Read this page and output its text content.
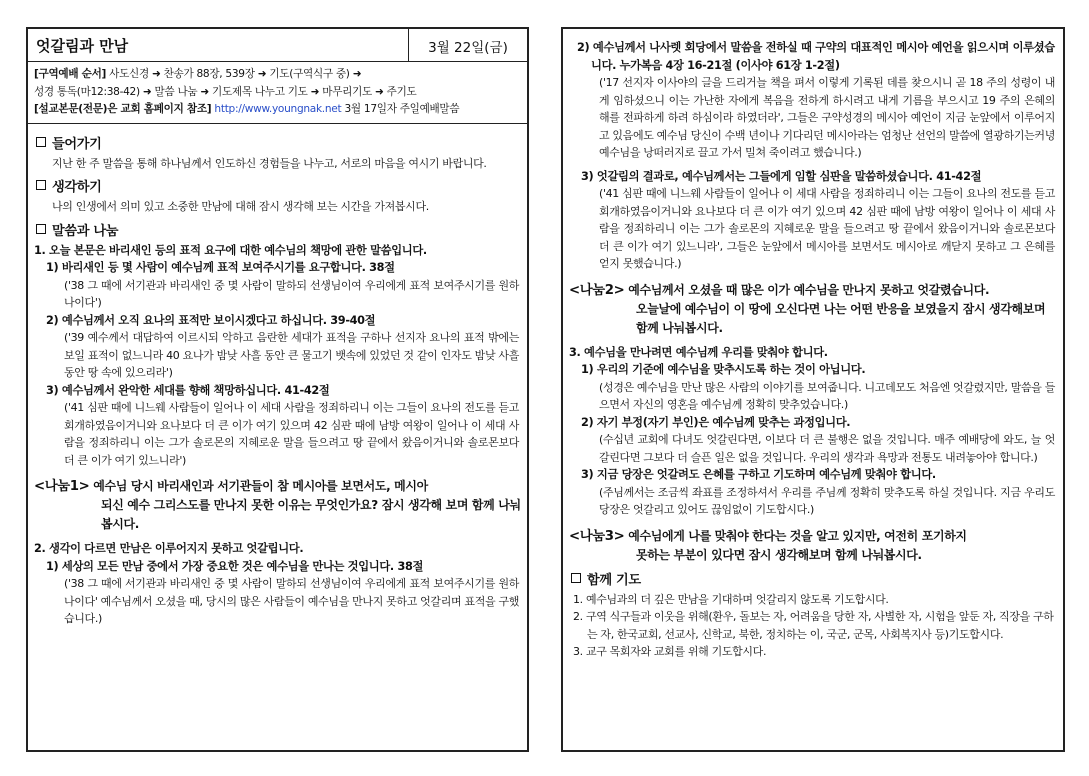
엇갈림과 만남	3월 22일(금)
[구역예배 순서] 사도신경 ➜ 찬송가 88장, 539장 ➜ 기도(구역식구 중) ➜
성경 통독(마12:38-42) ➜ 말씀 나눔 ➜ 기도제목 나누고 기도 ➜ 마무리기도 ➜ 주기도
[설교본문(전문)은 교회 홈페이지 참조] http://www.youngnak.net 3월 17일자 주일예배말씀
들어가기
지난 한 주 말씀을 통해 하나님께서 인도하신 경험들을 나누고, 서로의 마음을 여시기 바랍니다.
생각하기
나의 인생에서 의미 있고 소중한 만남에 대해 잠시 생각해 보는 시간을 가져봅시다.
말씀과 나눔
1. 오늘 본문은 바리새인 등의 표적 요구에 대한 예수님의 책망에 관한 말씀입니다.
1) 바리새인 등 몇 사람이 예수님께 표적 보여주시기를 요구합니다. 38절
('38 그 때에 서기관과 바리새인 중 몇 사람이 말하되 선생님이여 우리에게 표적 보여주시기를 원하나이다')
2) 예수님께서 오직 요나의 표적만 보이시겠다고 하십니다. 39-40절
('39 예수께서 대답하여 이르시되 악하고 음란한 세대가 표적을 구하나 선지자 요나의 표적 밖에는 보일 표적이 없느니라 40 요나가 밤낮 사흘 동안 큰 물고기 뱃속에 있었던 것 같이 인자도 밤낮 사흘 동안 땅 속에 있으리라')
3) 예수님께서 완악한 세대를 향해 책망하십니다. 41-42절
('41 심판 때에 니느웨 사람들이 일어나 이 세대 사람을 정죄하리니 이는 그들이 요나의 전도를 듣고 회개하였음이거니와 요나보다 더 큰 이가 여기 있으며 42 심판 때에 남방 여왕이 일어나 이 세대 사람을 정죄하리니 이는 그가 솔로몬의 지혜로운 말을 들으려고 땅 끝에서 왔음이거니와 솔로몬보다 더 큰 이가 여기 있느니라')
<나눔1> 예수님 당시 바리새인과 서기관들이 참 메시아를 보면서도, 메시아
되신 예수 그리스도를 만나지 못한 이유는 무엇인가요? 잠시 생각해 보며 함께 나눠봅시다.
2. 생각이 다르면 만남은 이루어지지 못하고 엇갈립니다.
1) 세상의 모든 만남 중에서 가장 중요한 것은 예수님을 만나는 것입니다. 38절
('38 그 때에 서기관과 바리새인 중 몇 사람이 말하되 선생님이여 우리에게 표적 보여주시기를 원하나이다' 예수님께서 오셨을 때, 당시의 많은 사람들이 예수님을 만나지 못하고 엇갈리며 표적을 구했습니다.)
2) 예수님께서 나사렛 회당에서 말씀을 전하실 때 구약의 대표적인 메시아 예언을 읽으시며 이루셨습니다. 누가복음 4장 16-21절 (이사야 61장 1-2절)
('17 선지자 이사야의 글을 드리거늘 책을 펴서 이렇게 기록된 데를 찾으시니 곧 18 주의 성령이 내게 임하셨으니 이는 가난한 자에게 복음을 전하게 하시려고 내게 기름을 부으시고 19 주의 은혜의 해를 전파하게 하려 하심이라 하였더라', 그들은 구약성경의 메시아 예언이 지금 눈앞에서 이루어지고 있음에도 예수님 당신이 수백 년이나 기다리던 메시아라는 엄청난 선언의 말씀에 열광하기는커녕 예수님을 낭떠러지로 끌고 가서 밀쳐 죽이려고 했습니다.)
3) 엇갈림의 결과로, 예수님께서는 그들에게 임할 심판을 말씀하셨습니다. 41-42절
('41 심판 때에 니느웨 사람들이 일어나 이 세대 사람을 정죄하리니 이는 그들이 요나의 전도를 듣고 회개하였음이거니와 요나보다 더 큰 이가 여기 있으며 42 심판 때에 남방 여왕이 일어나 이 세대 사람을 정죄하리니 이는 그가 솔로몬의 지혜로운 말을 들으려고 땅 끝에서 왔음이거니와 솔로몬보다 더 큰 이가 여기 있느니라', 그들은 눈앞에서 메시아를 보면서도 메시아로 깨닫지 못하고 그 은혜를 얻지 못했습니다.)
<나눔2> 예수님께서 오셨을 때 많은 이가 예수님을 만나지 못하고 엇갈렸습니다.
오늘날에 예수님이 이 땅에 오신다면 나는 어떤 반응을 보였을지 잠시 생각해보며 함께 나눠봅시다.
3. 예수님을 만나려면 예수님께 우리를 맞춰야 합니다.
1) 우리의 기준에 예수님을 맞추시도록 하는 것이 아닙니다.
(성경은 예수님을 만난 많은 사람의 이야기를 보여줍니다. 니고데모도 처음엔 엇갈렸지만, 말씀을 들으면서 자신의 영혼을 예수님께 정확히 맞추었습니다.)
2) 자기 부정(자기 부인)은 예수님께 맞추는 과정입니다.
(수십년 교회에 다녀도 엇갈린다면, 이보다 더 큰 불행은 없을 것입니다. 매주 예배당에 와도, 늘 엇갈린다면 그보다 더 슬픈 일은 없을 것입니다. 우리의 생각과 욕망과 전통도 내려놓아야 합니다.)
3) 지금 당장은 엇갈려도 은혜를 구하고 기도하며 예수님께 맞춰야 합니다.
(주님께서는 조금씩 좌표를 조정하셔서 우리를 주님께 정확히 맞추도록 하실 것입니다. 지금 우리도 당장은 엇갈리고 있어도 끊임없이 기도합시다.)
<나눔3> 예수님에게 나를 맞춰야 한다는 것을 알고 있지만, 여전히 포기하지
못하는 부분이 있다면 잠시 생각해보며 함께 나눠봅시다.
함께 기도
1. 예수님과의 더 깊은 만남을 기대하며 엇갈리지 않도록 기도합시다.
2. 구역 식구들과 이웃을 위해(환우, 돌보는 자, 어려움을 당한 자, 사별한 자, 시험을 앞둔 자, 직장을 구하는 자, 한국교회, 선교사, 신학교, 북한, 정치하는 이, 국군, 군목, 사회복지사 등)기도합시다.
3. 교구 목회자와 교회를 위해 기도합시다.
